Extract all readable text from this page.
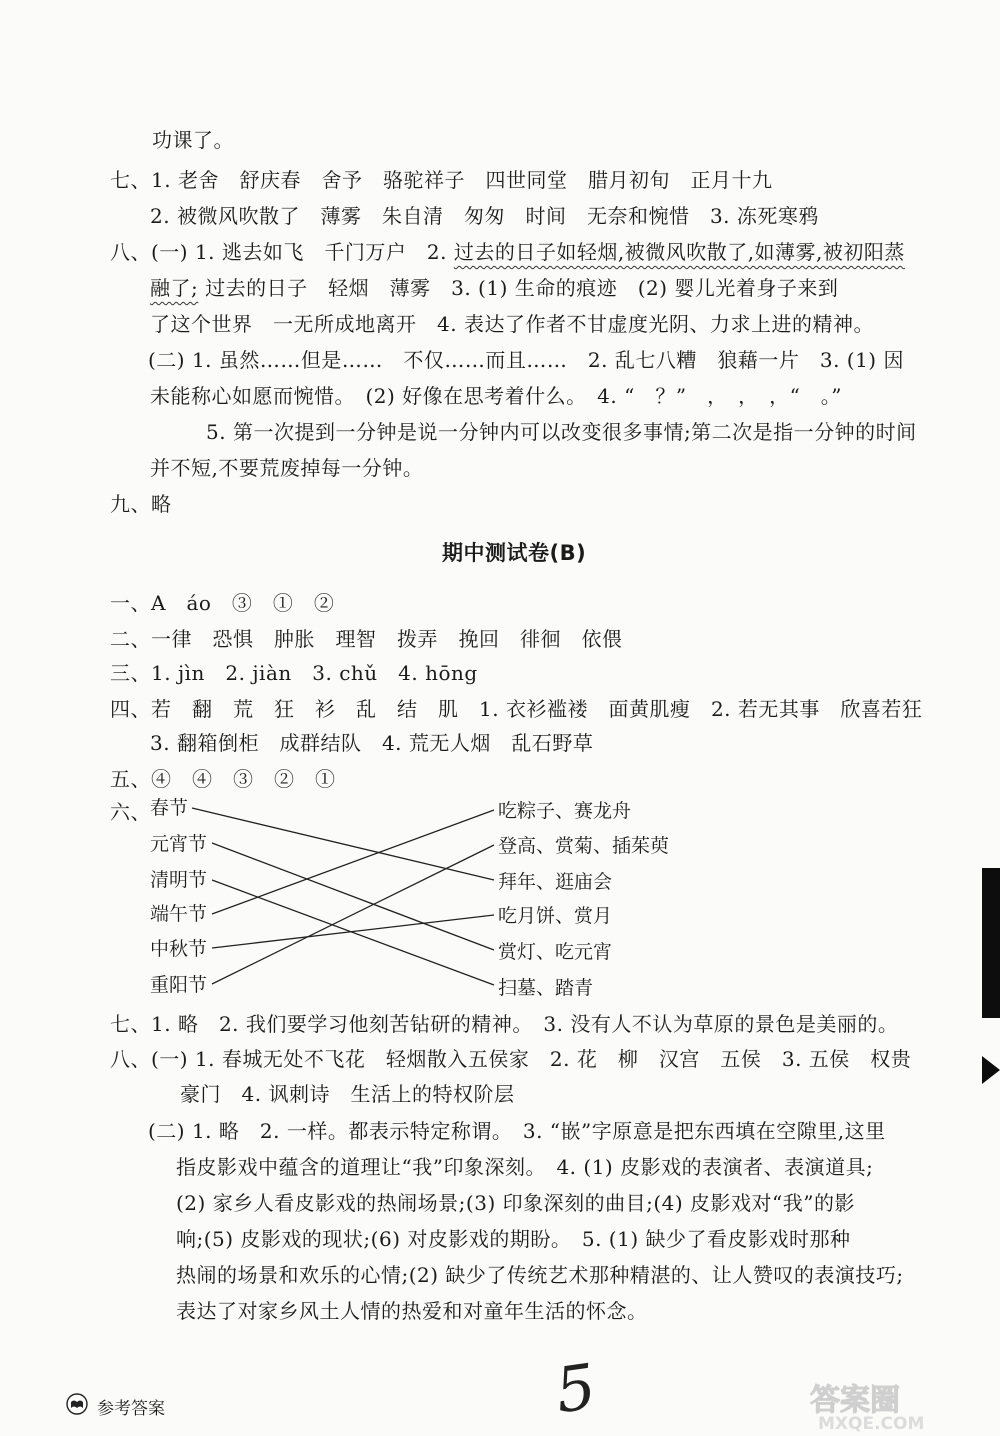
功课了。
七、1. 老舍　舒庆春　舍予　骆驼祥子　四世同堂　腊月初旬　正月十九
2. 被微风吹散了　薄雾　朱自清　匆匆　时间　无奈和惋惜　3. 冻死寒鸦
八、(一) 1. 逃去如飞　千门万户　2. 过去的日子如轻烟,被微风吹散了,如薄雾,被初阳蒸
融了; 过去的日子　轻烟　薄雾　3. (1) 生命的痕迹　(2) 婴儿光着身子来到
了这个世界　一无所成地离开　4. 表达了作者不甘虚度光阴、力求上进的精神。
(二) 1. 虽然……但是……　不仅……而且……　2. 乱七八糟　狼藉一片　3. (1) 因
未能称心如愿而惋惜。　(2) 好像在思考着什么。　4. “　？”　，　，　，“　。”
5. 第一次提到一分钟是说一分钟内可以改变很多事情;第二次是指一分钟的时间
并不短,不要荒废掉每一分钟。
九、略
期中测试卷(B)
一、A　áo　③　①　②
二、一律　恐惧　肿胀　理智　拨弄　挽回　徘徊　依偎
三、1. jìn　2. jiàn　3. chǔ　4. hōng
四、若　翻　荒　狂　衫　乱　结　肌　1. 衣衫褴褛　面黄肌瘦　2. 若无其事　欣喜若狂
3. 翻箱倒柜　成群结队　4. 荒无人烟　乱石野草
五、④　④　③　②　①
六、 春节
元宵节
清明节
端午节
中秋节
重阳节
吃粽子、赛龙舟
登高、赏菊、插茱萸
拜年、逛庙会
吃月饼、赏月
赏灯、吃元宵
扫墓、踏青
七、1. 略　2. 我们要学习他刻苦钻研的精神。　3. 没有人不认为草原的景色是美丽的。
八、(一) 1. 春城无处不飞花　轻烟散入五侯家　2. 花　柳　汉宫　五侯　3. 五侯　权贵
豪门　4. 讽刺诗　生活上的特权阶层
(二) 1. 略　2. 一样。都表示特定称谓。　3. “嵌”字原意是把东西填在空隙里,这里
指皮影戏中蕴含的道理让“我”印象深刻。　4. (1) 皮影戏的表演者、表演道具;
(2) 家乡人看皮影戏的热闹场景;(3) 印象深刻的曲目;(4) 皮影戏对“我”的影
响;(5) 皮影戏的现状;(6) 对皮影戏的期盼。　5. (1) 缺少了看皮影戏时那种
热闹的场景和欢乐的心情;(2) 缺少了传统艺术那种精湛的、让人赞叹的表演技巧;
表达了对家乡风土人情的热爱和对童年生活的怀念。
参考答案	5	答案圈
MXQE.COM
